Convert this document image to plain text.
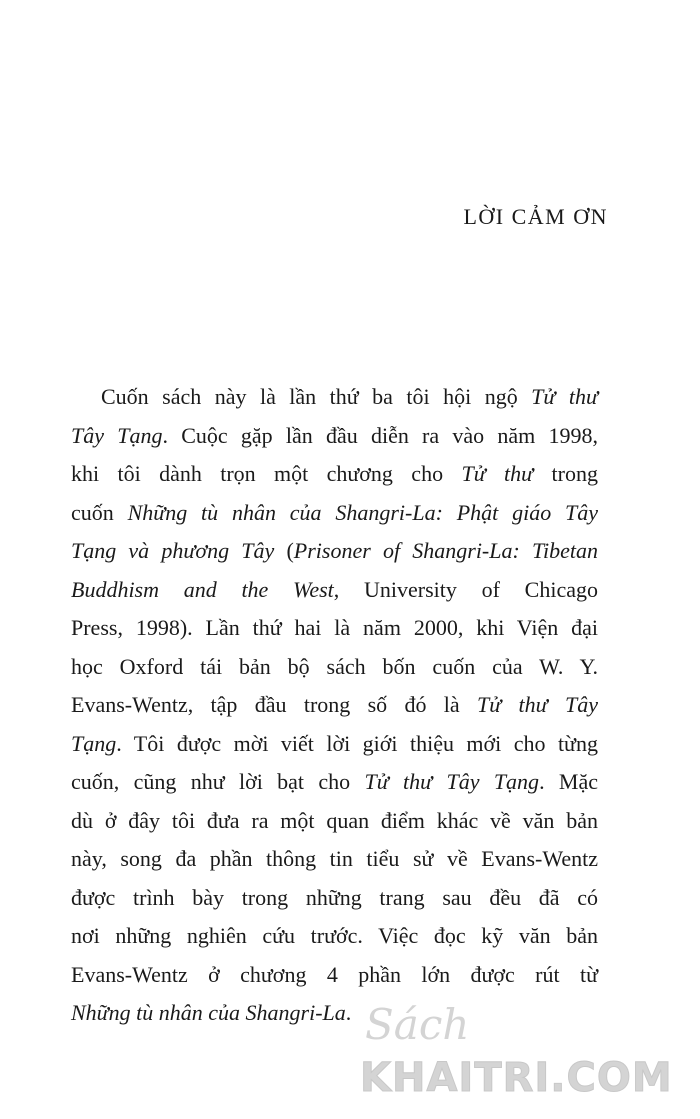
LỜI CẢM ƠN
Cuốn sách này là lần thứ ba tôi hội ngộ Tử thư
Tây Tạng. Cuộc gặp lần đầu diễn ra vào năm 1998,
khi tôi dành trọn một chương cho Tử thư trong
cuốn Những tù nhân của Shangri-La: Phật giáo Tây
Tạng và phương Tây (Prisoner of Shangri-La: Tibetan
Buddhism and the West, University of Chicago
Press, 1998). Lần thứ hai là năm 2000, khi Viện đại
học Oxford tái bản bộ sách bốn cuốn của W. Y.
Evans-Wentz, tập đầu trong số đó là Tử thư Tây
Tạng. Tôi được mời viết lời giới thiệu mới cho từng
cuốn, cũng như lời bạt cho Tử thư Tây Tạng. Mặc
dù ở đây tôi đưa ra một quan điểm khác về văn bản
này, song đa phần thông tin tiểu sử về Evans-Wentz
được trình bày trong những trang sau đều đã có
nơi những nghiên cứu trước. Việc đọc kỹ văn bản
Evans-Wentz ở chương 4 phần lớn được rút từ
Những tù nhân của Shangri-La. Sách
KHAITRI.COM
